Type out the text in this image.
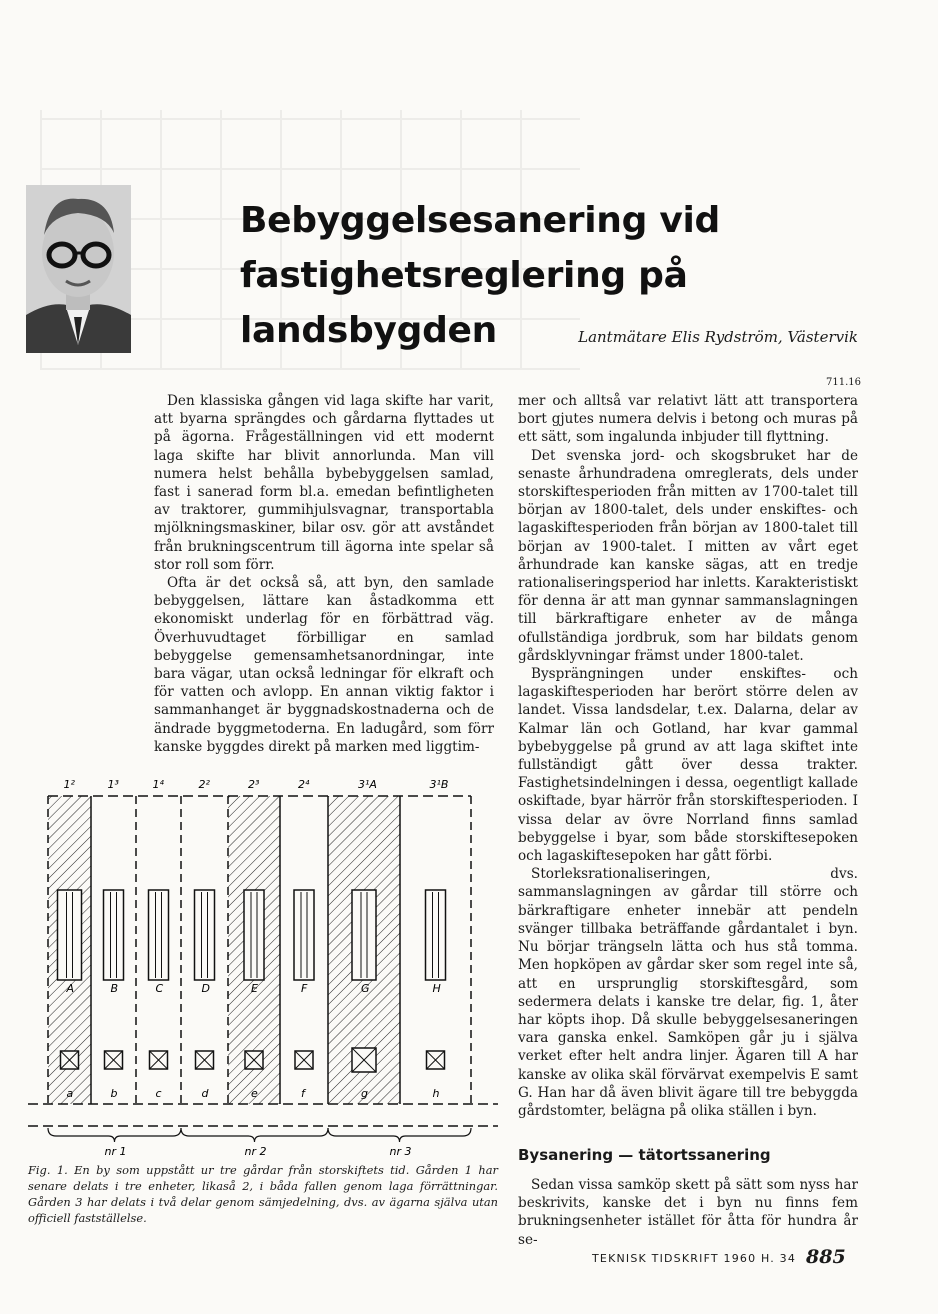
Bebyggelsesanering vid fastighetsreglering på landsbygden	Lantmätare Elis Rydström, Västervik
711.16

Den klassiska gången vid laga skifte har varit, att byarna sprängdes och gårdarna flyttades ut på ägorna. Frågeställningen vid ett modernt laga skifte har blivit annorlunda. Man vill numera helst behålla bybebyggelsen samlad, fast i sanerad form bl.a. emedan befintligheten av traktorer, gummihjulsvagnar, transportabla mjölkningsmaskiner, bilar osv. gör att avståndet från brukningscentrum till ägorna inte spelar så stor roll som förr.

Ofta är det också så, att byn, den samlade bebyggelsen, lättare kan åstadkomma ett ekonomiskt underlag för en förbättrad väg. Överhuvudtaget förbilligar en samlad bebyggelse gemensamhetsanordningar, inte bara vägar, utan också ledningar för elkraft och för vatten och avlopp. En annan viktig faktor i sammanhanget är byggnadskostnaderna och de ändrade byggmetoderna. En ladugård, som förr kanske byggdes direkt på marken med liggtim-

mer och alltså var relativt lätt att transportera bort gjutes numera delvis i betong och muras på ett sätt, som ingalunda inbjuder till flyttning.

Det svenska jord- och skogsbruket har de senaste århundradena omreglerats, dels under storskiftesperioden från mitten av 1700-talet till början av 1800-talet, dels under enskiftes- och lagaskiftesperioden från början av 1800-talet till början av 1900-talet. I mitten av vårt eget århundrade kan kanske sägas, att en tredje rationaliseringsperiod har inletts. Karakteristiskt för denna är att man gynnar sammanslagningen till bärkraftigare enheter av de många ofullständiga jordbruk, som har bildats genom gårdsklyvningar främst under 1800-talet.

Bysprängningen under enskiftes- och lagaskiftesperioden har berört större delen av landet. Vissa landsdelar, t.ex. Dalarna, delar av Kalmar län och Gotland, har kvar gammal bybebyggelse på grund av att laga skiftet inte fullständigt gått över dessa trakter. Fastighetsindelningen i dessa, oegentligt kallade oskiftade, byar härrör från storskiftesperioden. I vissa delar av övre Norrland finns samlad bebyggelse i byar, som både storskiftesepoken och lagaskiftesepoken har gått förbi.

Storleksrationaliseringen, dvs. sammanslagningen av gårdar till större och bärkraftigare enheter innebär att pendeln svänger tillbaka beträffande gårdantalet i byn. Nu börjar trängseln lätta och hus stå tomma. Men hopköpen av gårdar sker som regel inte så, att en ursprunglig storskiftesgård, som sedermera delats i kanske tre delar, fig. 1, åter har köpts ihop. Då skulle bebyggelsesaneringen vara ganska enkel. Samköpen går ju i själva verket efter helt andra linjer. Ägaren till A har kanske av olika skäl förvärvat exempelvis E samt G. Han har då även blivit ägare till tre bebyggda gårdstomter, belägna på olika ställen i byn.

Bysanering — tätortssanering

Sedan vissa samköp skett på sätt som nyss har beskrivits, kanske det i byn nu finns fem brukningsenheter istället för åtta för hundra år se-

1²
A
a
1³
B
b
1⁴
C
c
2²
D
d
2³
E
e
2⁴
F
f
3¹A
G
g
3¹B
H
h
nr 1	nr 2	nr 3
Fig. 1. En by som uppstått ur tre gårdar från storskiftets tid. Gården 1 har senare delats i tre enheter, likaså 2, i båda fallen genom laga förrättningar. Gården 3 har delats i två delar genom sämjedelning, dvs. av ägarna själva utan officiell fastställelse.
TEKNISK TIDSKRIFT 1960 H. 34 885
